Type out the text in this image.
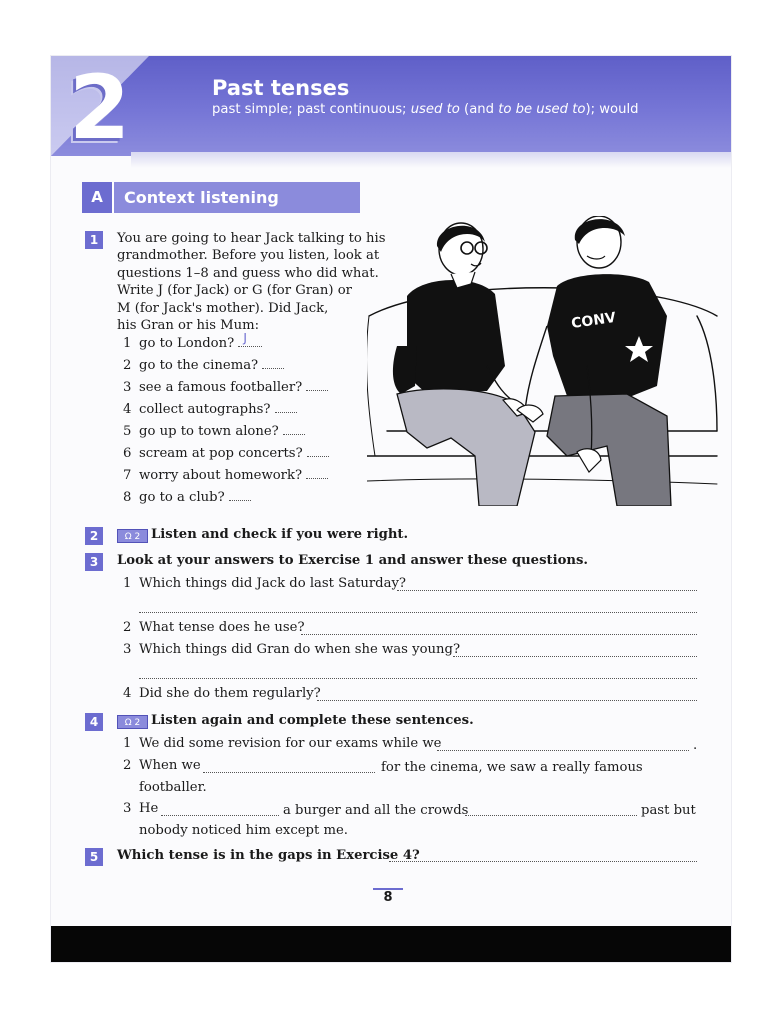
2	Past tenses
past simple; past continuous; used to (and to be used to); would
A	Context listening
1	You are going to hear Jack talking to his
grandmother. Before you listen, look at
questions 1–8 and guess who did what.
Write J (for Jack) or G (for Gran) or
M (for Jack's mother). Did Jack,
his Gran or his Mum:
1 go to London? J
2 go to the cinema?
3 see a famous footballer?
4 collect autographs?
5 go up to town alone?
6 scream at pop concerts?
7 worry about homework?
8 go to a club?
CONV
2	Ω 2 Listen and check if you were right.
3	Look at your answers to Exercise 1 and answer these questions.
1 Which things did Jack do last Saturday?
2 What tense does he use?
3 Which things did Gran do when she was young?
4 Did she do them regularly?
4	Ω 2 Listen again and complete these sentences.
1 We did some revision for our exams while we	.
2 When we	for the cinema, we saw a really famous
footballer.
3 He	a burger and all the crowds	past but
nobody noticed him except me.
5	Which tense is in the gaps in Exercise 4?
8
